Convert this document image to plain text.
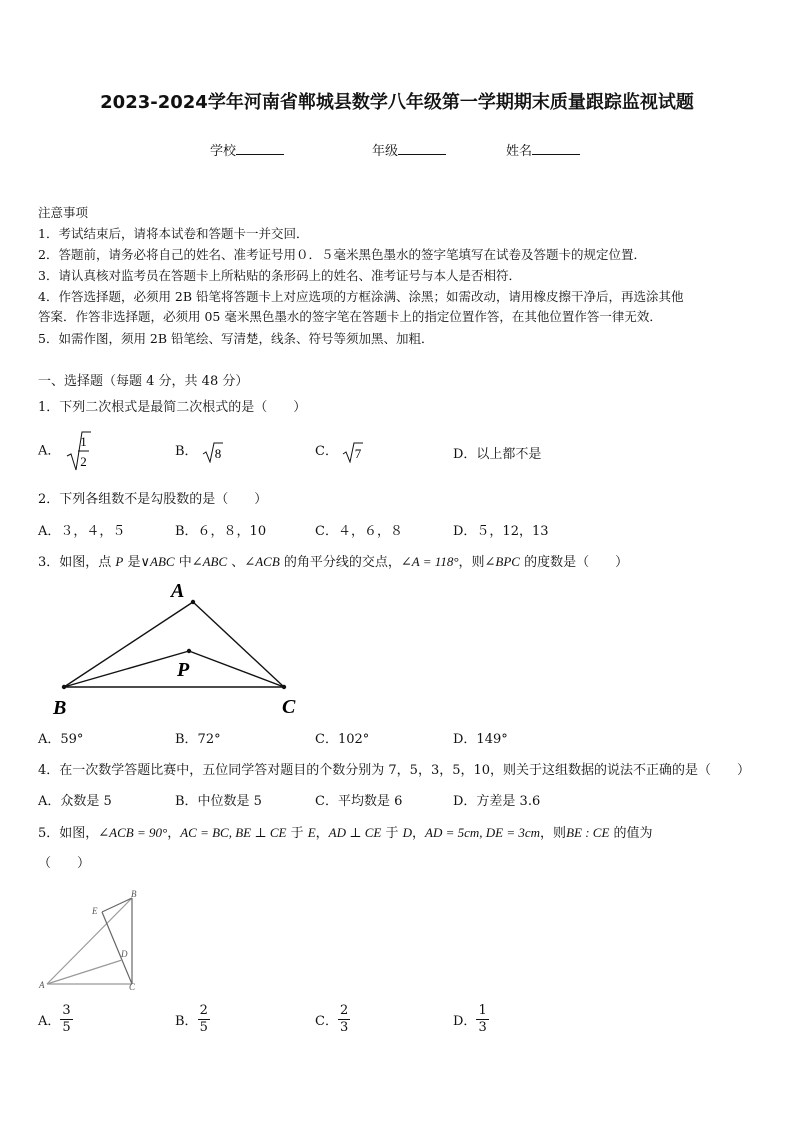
2023-2024学年河南省郸城县数学八年级第一学期期末质量跟踪监视试题
学校	年级	姓名
注意事项
1．考试结束后，请将本试卷和答题卡一并交回．
2．答题前，请务必将自己的姓名、准考证号用０．５毫米黑色墨水的签字笔填写在试卷及答题卡的规定位置．
3．请认真核对监考员在答题卡上所粘贴的条形码上的姓名、准考证号与本人是否相符．
4．作答选择题，必须用 2B 铅笔将答题卡上对应选项的方框涂满、涂黑；如需改动，请用橡皮擦干净后，再选涂其他
答案．作答非选择题，必须用 05 毫米黑色墨水的签字笔在答题卡上的指定位置作答，在其他位置作答一律无效．
5．如需作图，须用 2B 铅笔绘、写清楚，线条、符号等须加黑、加粗．
一、选择题（每题 4 分，共 48 分）
1．下列二次根式是最简二次根式的是（　　）
A．
1
2
B． 8	C． 7	D．以上都不是
2．下列各组数不是勾股数的是（　　）
A．３，４，５	B．６，８，10	C．４，６，８	D．５，12，13
3．如图，点 P 是∨ABC 中∠ABC 、∠ACB 的角平分线的交点，∠A = 118°，则∠BPC 的度数是（　　）
A
P
B	C
A．59°	B．72°	C．102°	D．149°
4．在一次数学答题比赛中，五位同学答对题目的个数分别为 7，5，3，5，10，则关于这组数据的说法不正确的是（　　）
A．众数是 5	B．中位数是 5	C．平均数是 6	D．方差是 3.6
5．如图，∠ACB = 90°，AC = BC, BE ⊥ CE 于 E，AD ⊥ CE 于 D，AD = 5cm, DE = 3cm，则BE : CE 的值为
（　　）
B
E
D
A	C
A． $\frac{3}{5}$	B． $\frac{2}{5}$	C． $\frac{2}{3}$	D． $\frac{1}{3}$
